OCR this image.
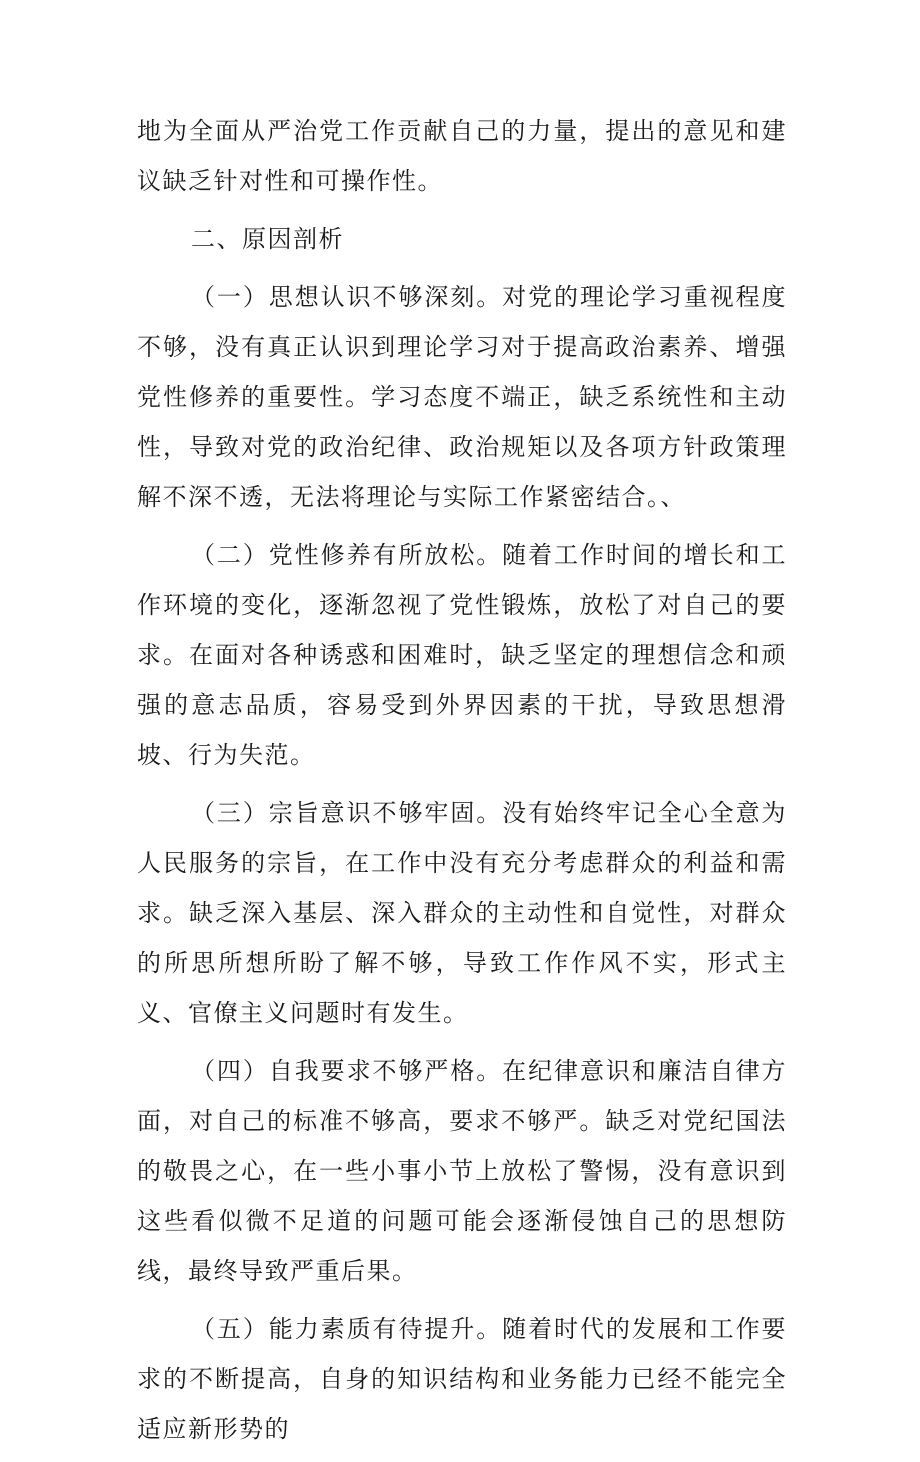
地为全面从严治党工作贡献自己的力量，提出的意见和建议缺乏针对性和可操作性。

二、原因剖析

（一）思想认识不够深刻。对党的理论学习重视程度不够，没有真正认识到理论学习对于提高政治素养、增强党性修养的重要性。学习态度不端正，缺乏系统性和主动性，导致对党的政治纪律、政治规矩以及各项方针政策理解不深不透，无法将理论与实际工作紧密结合。、

（二）党性修养有所放松。随着工作时间的增长和工作环境的变化，逐渐忽视了党性锻炼，放松了对自己的要求。在面对各种诱惑和困难时，缺乏坚定的理想信念和顽强的意志品质，容易受到外界因素的干扰，导致思想滑坡、行为失范。

（三）宗旨意识不够牢固。没有始终牢记全心全意为人民服务的宗旨，在工作中没有充分考虑群众的利益和需求。缺乏深入基层、深入群众的主动性和自觉性，对群众的所思所想所盼了解不够，导致工作作风不实，形式主义、官僚主义问题时有发生。

（四）自我要求不够严格。在纪律意识和廉洁自律方面，对自己的标准不够高，要求不够严。缺乏对党纪国法的敬畏之心，在一些小事小节上放松了警惕，没有意识到这些看似微不足道的问题可能会逐渐侵蚀自己的思想防线，最终导致严重后果。

（五）能力素质有待提升。随着时代的发展和工作要求的不断提高，自身的知识结构和业务能力已经不能完全适应新形势的
